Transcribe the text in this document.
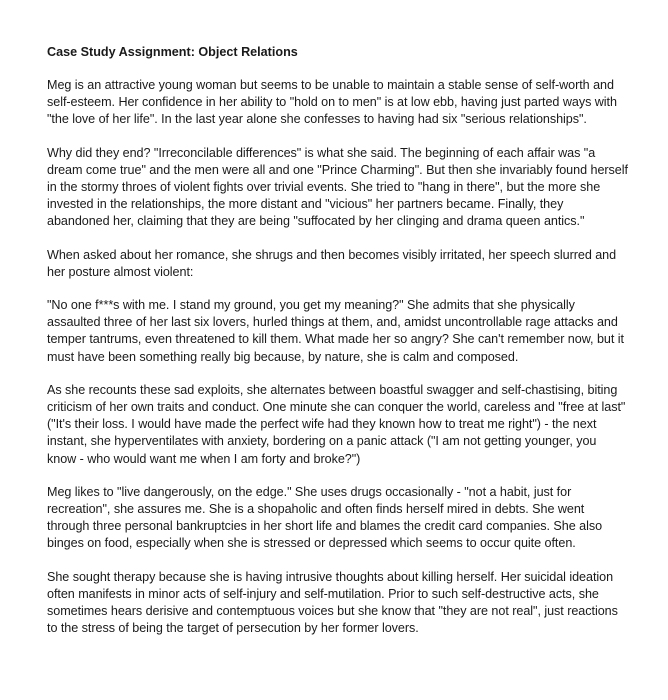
Case Study Assignment: Object Relations

Meg is an attractive young woman but seems to be unable to maintain a stable sense of self-worth and self-esteem. Her confidence in her ability to "hold on to men" is at low ebb, having just parted ways with "the love of her life". In the last year alone she confesses to having had six "serious relationships".

Why did they end? "Irreconcilable differences" is what she said. The beginning of each affair was "a dream come true" and the men were all and one "Prince Charming". But then she invariably found herself in the stormy throes of violent fights over trivial events. She tried to "hang in there", but the more she invested in the relationships, the more distant and "vicious" her partners became. Finally, they abandoned her, claiming that they are being "suffocated by her clinging and drama queen antics."

When asked about her romance, she shrugs and then becomes visibly irritated, her speech slurred and her posture almost violent:

"No one f***s with me. I stand my ground, you get my meaning?" She admits that she physically assaulted three of her last six lovers, hurled things at them, and, amidst uncontrollable rage attacks and temper tantrums, even threatened to kill them. What made her so angry? She can't remember now, but it must have been something really big because, by nature, she is calm and composed.

As she recounts these sad exploits, she alternates between boastful swagger and self-chastising, biting criticism of her own traits and conduct. One minute she can conquer the world, careless and "free at last" ("It's their loss. I would have made the perfect wife had they known how to treat me right") - the next instant, she hyperventilates with anxiety, bordering on a panic attack ("I am not getting younger, you know - who would want me when I am forty and broke?")

Meg likes to "live dangerously, on the edge." She uses drugs occasionally - "not a habit, just for recreation", she assures me. She is a shopaholic and often finds herself mired in debts. She went through three personal bankruptcies in her short life and blames the credit card companies. She also binges on food, especially when she is stressed or depressed which seems to occur quite often.

She sought therapy because she is having intrusive thoughts about killing herself. Her suicidal ideation often manifests in minor acts of self-injury and self-mutilation. Prior to such self-destructive acts, she sometimes hears derisive and contemptuous voices but she know that "they are not real", just reactions to the stress of being the target of persecution by her former lovers.
